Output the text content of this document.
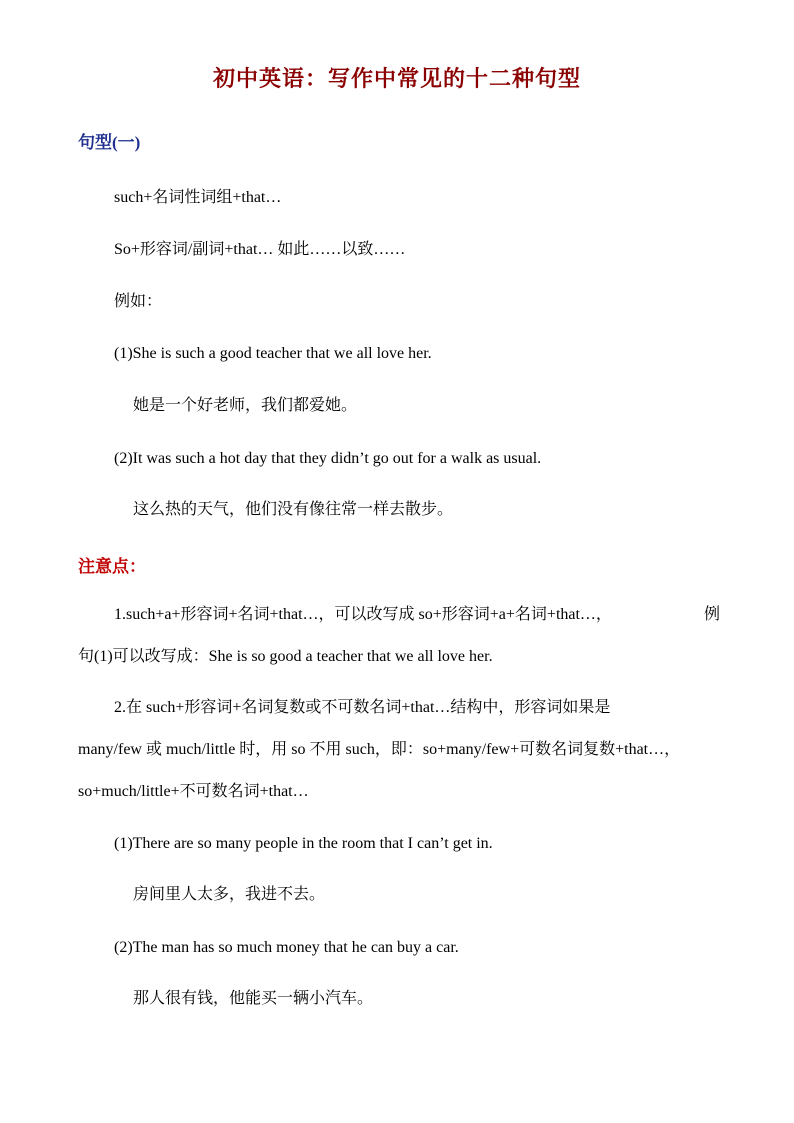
初中英语：写作中常见的十二种句型
句型(一)
such+名词性词组+that…
So+形容词/副词+that… 如此……以致……
例如：
(1)She is such a good teacher that we all love her.
她是一个好老师，我们都爱她。
(2)It was such a hot day that they didn’t go out for a walk as usual.
这么热的天气，他们没有像往常一样去散步。
注意点：
1.such+a+形容词+名词+that…，可以改写成 so+形容词+a+名词+that…，	例
句(1)可以改写成：She is so good a teacher that we all love her.
2.在 such+形容词+名词复数或不可数名词+that…结构中，形容词如果是
many/few 或 much/little 时，用 so 不用 such，即：so+many/few+可数名词复数+that…，
so+much/little+不可数名词+that…
(1)There are so many people in the room that I can’t get in.
房间里人太多，我进不去。
(2)The man has so much money that he can buy a car.
那人很有钱，他能买一辆小汽车。
